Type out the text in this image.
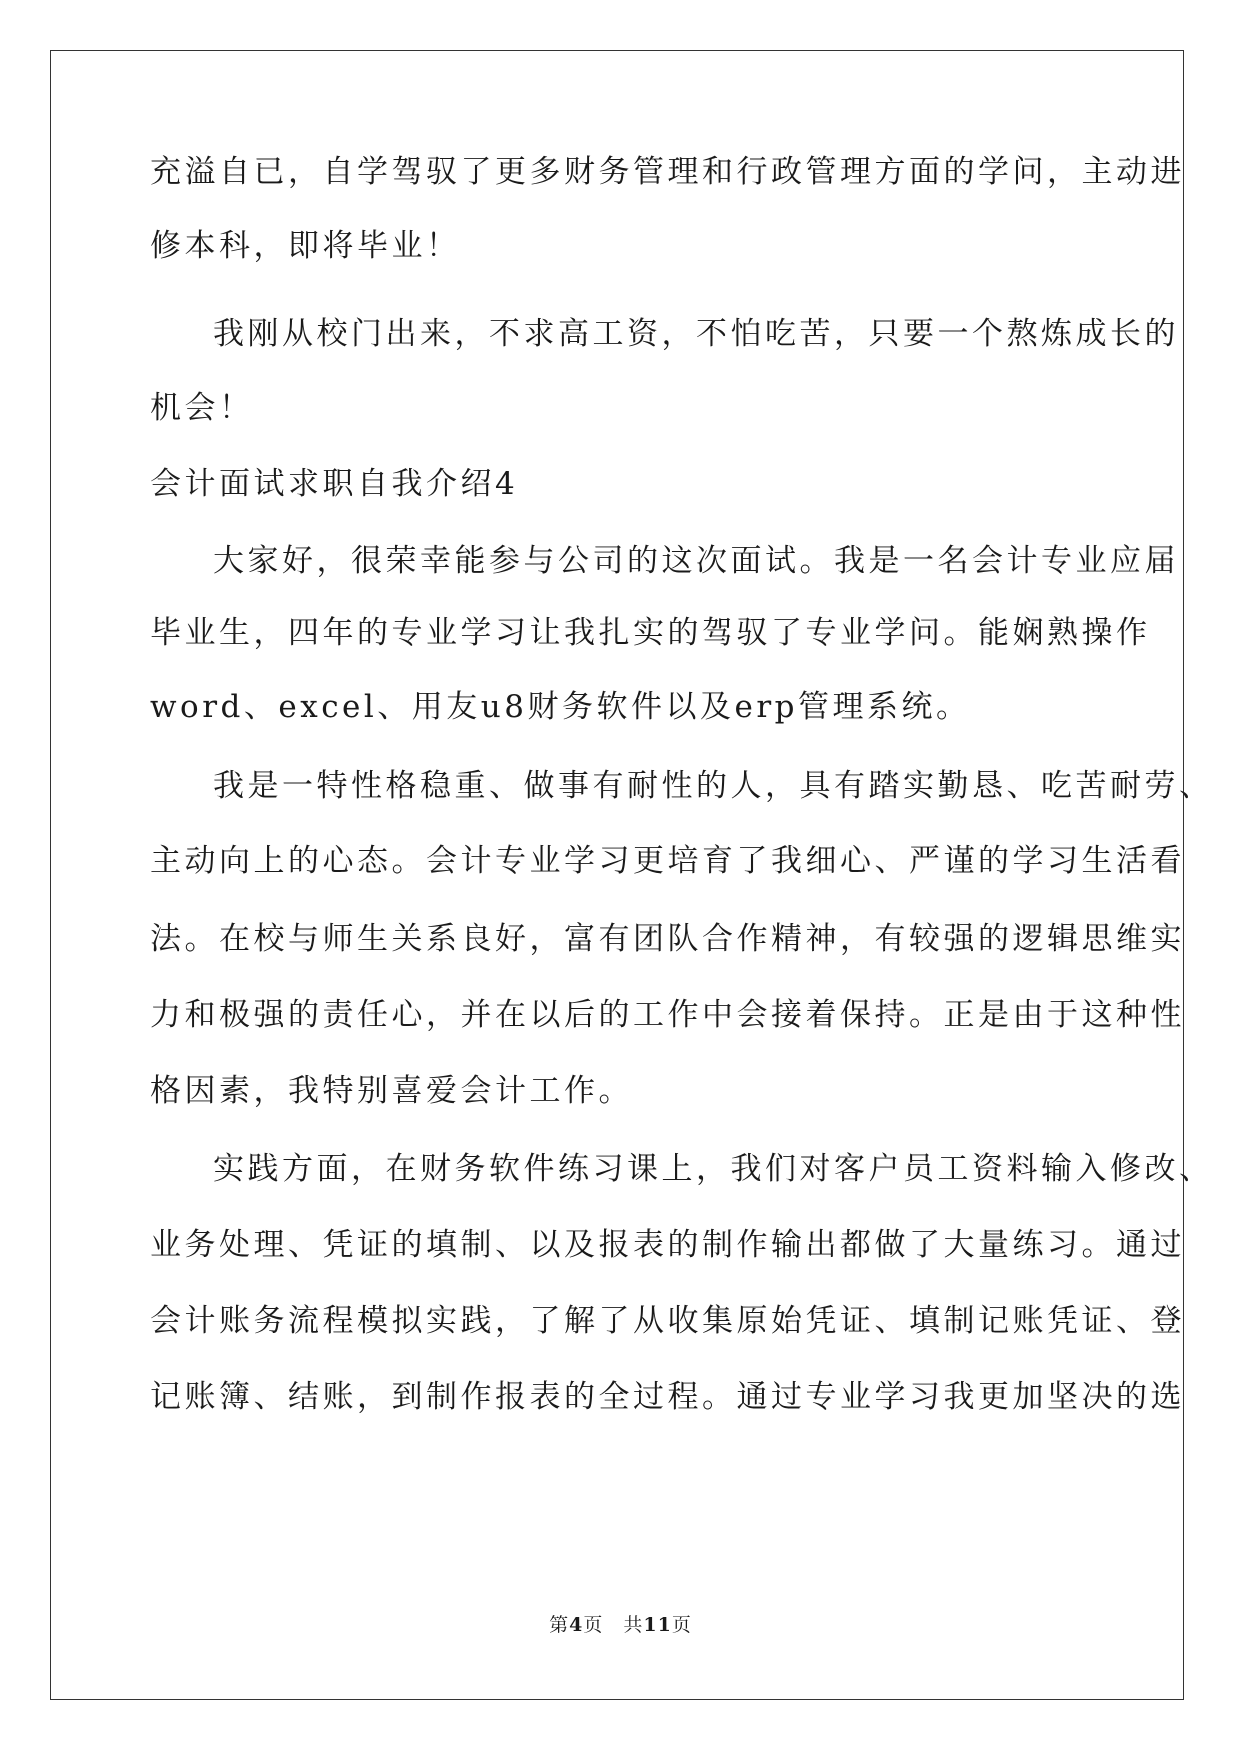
充溢自已，自学驾驭了更多财务管理和行政管理方面的学问，主动进
修本科，即将毕业！
我刚从校门出来，不求高工资，不怕吃苦，只要一个熬炼成长的
机会！
会计面试求职自我介绍4
大家好，很荣幸能参与公司的这次面试。我是一名会计专业应届
毕业生，四年的专业学习让我扎实的驾驭了专业学问。能娴熟操作
word、excel、用友u8财务软件以及erp管理系统。
我是一特性格稳重、做事有耐性的人，具有踏实勤恳、吃苦耐劳、
主动向上的心态。会计专业学习更培育了我细心、严谨的学习生活看
法。在校与师生关系良好，富有团队合作精神，有较强的逻辑思维实
力和极强的责任心，并在以后的工作中会接着保持。正是由于这种性
格因素，我特别喜爱会计工作。
实践方面，在财务软件练习课上，我们对客户员工资料输入修改、
业务处理、凭证的填制、以及报表的制作输出都做了大量练习。通过
会计账务流程模拟实践，了解了从收集原始凭证、填制记账凭证、登
记账簿、结账，到制作报表的全过程。通过专业学习我更加坚决的选
第4页 共11页
